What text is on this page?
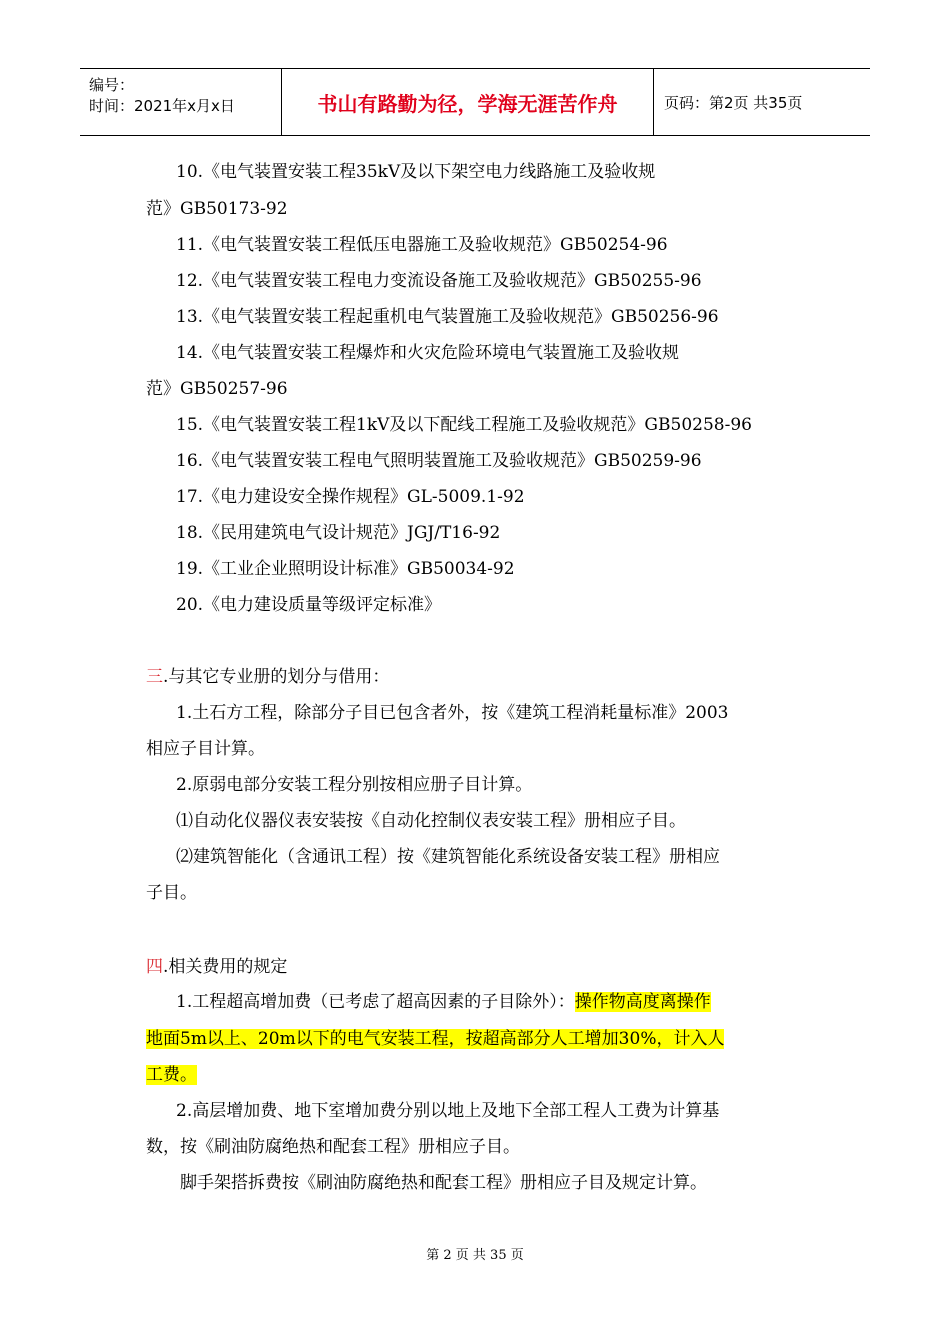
编号：
时间：2021年x月x日	书山有路勤为径，学海无涯苦作舟	页码：第2页 共35页
10.《电气装置安装工程35kV及以下架空电力线路施工及验收规
范》GB50173-92
11.《电气装置安装工程低压电器施工及验收规范》GB50254-96
12.《电气装置安装工程电力变流设备施工及验收规范》GB50255-96
13.《电气装置安装工程起重机电气装置施工及验收规范》GB50256-96
14.《电气装置安装工程爆炸和火灾危险环境电气装置施工及验收规
范》GB50257-96
15.《电气装置安装工程1kV及以下配线工程施工及验收规范》GB50258-96
16.《电气装置安装工程电气照明装置施工及验收规范》GB50259-96
17.《电力建设安全操作规程》GL-5009.1-92
18.《民用建筑电气设计规范》JGJ/T16-92
19.《工业企业照明设计标准》GB50034-92
20.《电力建设质量等级评定标准》
三.与其它专业册的划分与借用：
1.土石方工程，除部分子目已包含者外，按《建筑工程消耗量标准》2003
相应子目计算。
2.原弱电部分安装工程分别按相应册子目计算。
⑴自动化仪器仪表安装按《自动化控制仪表安装工程》册相应子目。
⑵建筑智能化（含通讯工程）按《建筑智能化系统设备安装工程》册相应
子目。
四.相关费用的规定
1.工程超高增加费（已考虑了超高因素的子目除外）：操作物高度离操作
地面5m以上、20m以下的电气安装工程，按超高部分人工增加30%，计入人
工费。
2.高层增加费、地下室增加费分别以地上及地下全部工程人工费为计算基
数，按《刷油防腐绝热和配套工程》册相应子目。
脚手架搭拆费按《刷油防腐绝热和配套工程》册相应子目及规定计算。
第 2 页 共 35 页
